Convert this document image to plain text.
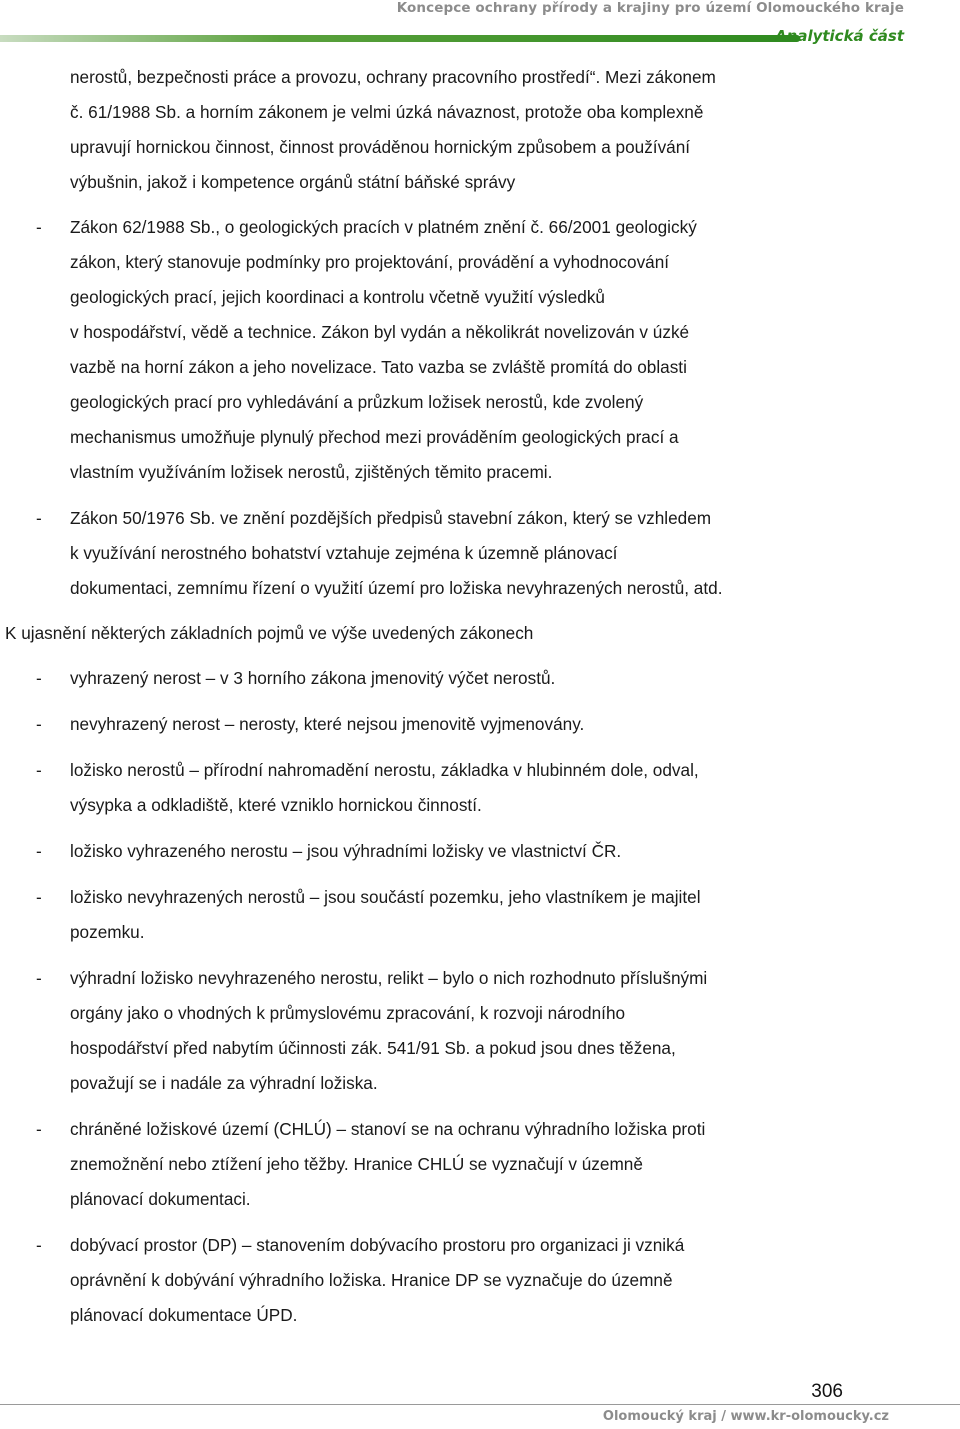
Koncepce ochrany přírody a krajiny pro území Olomouckého kraje
Analytická část
nerostů, bezpečnosti práce a provozu, ochrany pracovního prostředí“. Mezi zákonem
č. 61/1988 Sb. a horním zákonem je velmi úzká návaznost, protože oba komplexně
upravují hornickou činnost, činnost prováděnou hornickým způsobem a používání
výbušnin, jakož i kompetence orgánů státní báňské správy
- Zákon 62/1988 Sb., o geologických pracích v platném znění č. 66/2001 geologický
zákon, který stanovuje podmínky pro projektování, provádění a vyhodnocování
geologických prací, jejich koordinaci a kontrolu včetně využití výsledků
v hospodářství, vědě a technice. Zákon byl vydán a několikrát novelizován v úzké
vazbě na horní zákon a jeho novelizace. Tato vazba se zvláště promítá do oblasti
geologických prací pro vyhledávání a průzkum ložisek nerostů, kde zvolený
mechanismus umožňuje plynulý přechod mezi prováděním geologických prací a
vlastním využíváním ložisek nerostů, zjištěných těmito pracemi.
- Zákon 50/1976 Sb. ve znění pozdějších předpisů stavební zákon, který se vzhledem
k využívání nerostného bohatství vztahuje zejména k územně plánovací
dokumentaci, zemnímu řízení o využití území pro ložiska nevyhrazených nerostů, atd.
K ujasnění některých základních pojmů ve výše uvedených zákonech
- vyhrazený nerost – v 3 horního zákona jmenovitý výčet nerostů.
- nevyhrazený nerost – nerosty, které nejsou jmenovitě vyjmenovány.
- ložisko nerostů – přírodní nahromadění nerostu, základka v hlubinném dole, odval,
výsypka a odkladiště, které vzniklo hornickou činností.
- ložisko vyhrazeného nerostu – jsou výhradními ložisky ve vlastnictví ČR.
- ložisko nevyhrazených nerostů – jsou součástí pozemku, jeho vlastníkem je majitel
pozemku.
- výhradní ložisko nevyhrazeného nerostu, relikt – bylo o nich rozhodnuto příslušnými
orgány jako o vhodných k průmyslovému zpracování, k rozvoji národního
hospodářství před nabytím účinnosti zák. 541/91 Sb. a pokud jsou dnes těžena,
považují se i nadále za výhradní ložiska.
- chráněné ložiskové území (CHLÚ) – stanoví se na ochranu výhradního ložiska proti
znemožnění nebo ztížení jeho těžby. Hranice CHLÚ se vyznačují v územně
plánovací dokumentaci.
- dobývací prostor (DP) – stanovením dobývacího prostoru pro organizaci ji vzniká
oprávnění k dobývání výhradního ložiska. Hranice DP se vyznačuje do územně
plánovací dokumentace ÚPD.
306
Olomoucký kraj / www.kr-olomoucky.cz
